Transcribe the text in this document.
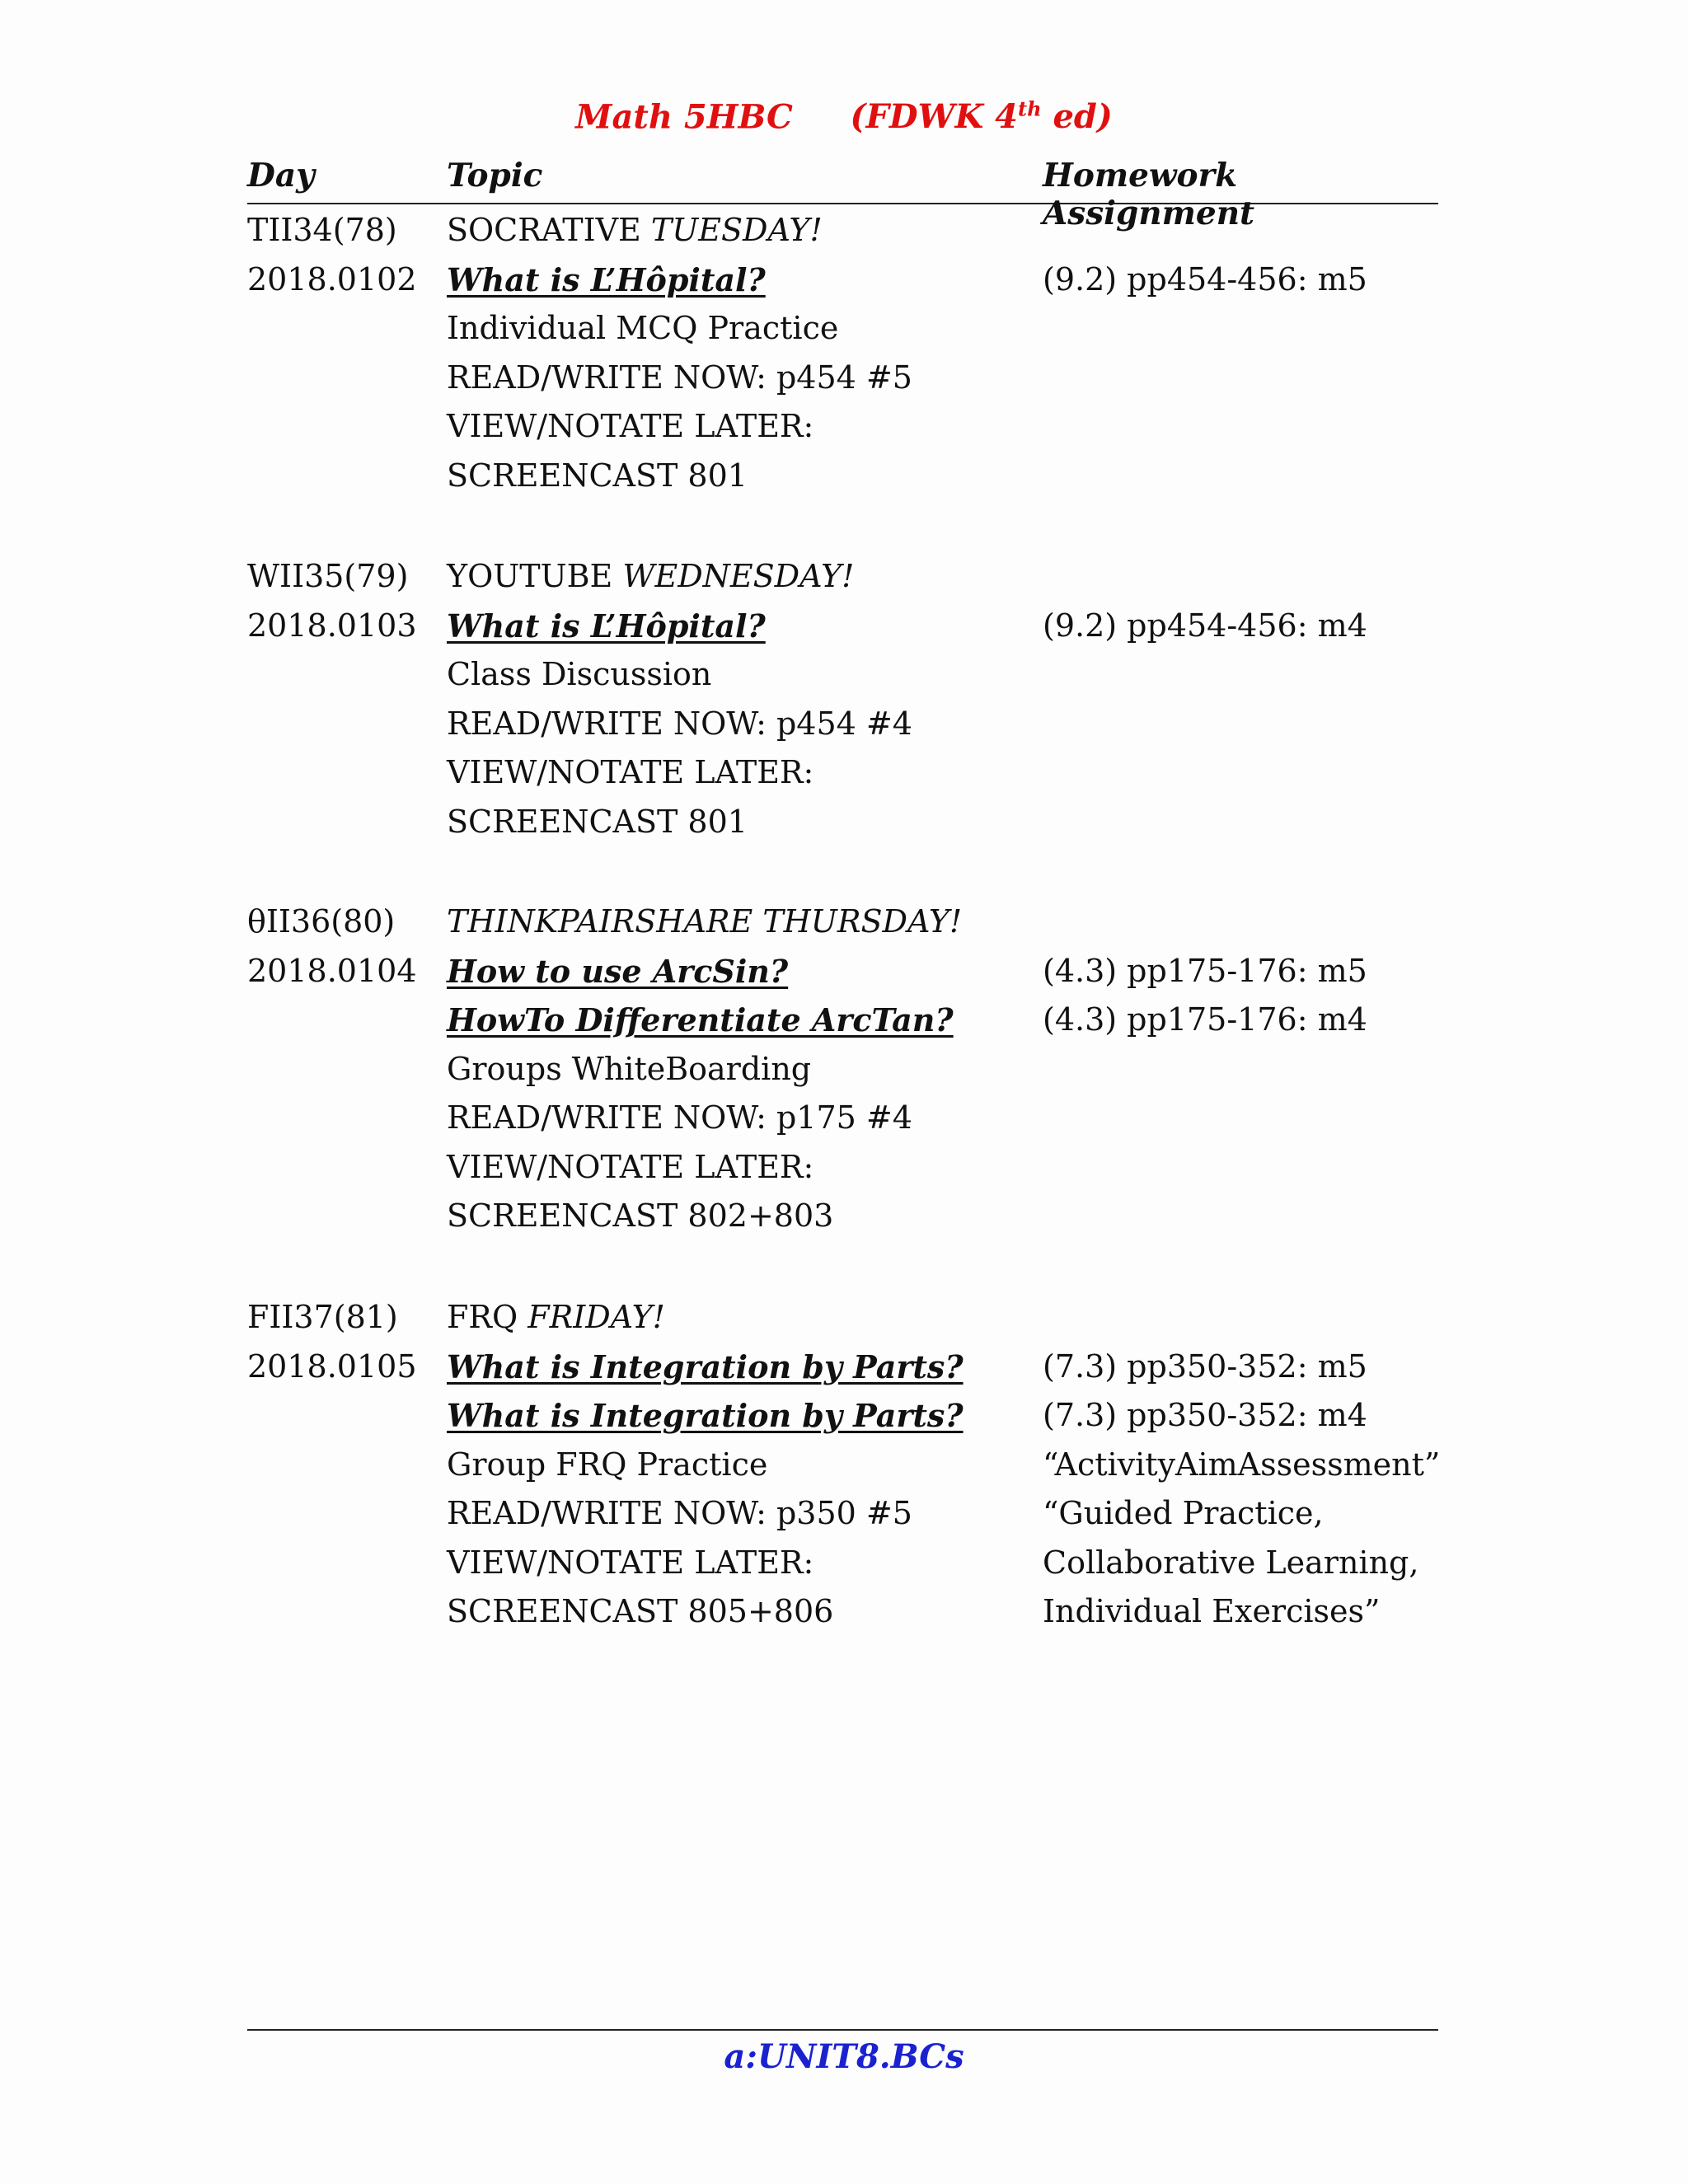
Math 5HBC (FDWK 4th ed)
Day	Topic	Homework Assignment
TII34(78) SOCRATIVE TUESDAY!
2018.0102 What is L’Hôpital?	(9.2) pp454-456: m5
Individual MCQ Practice
READ/WRITE NOW: p454 #5
VIEW/NOTATE LATER:
SCREENCAST 801
WII35(79) YOUTUBE WEDNESDAY!
2018.0103 What is L’Hôpital?	(9.2) pp454-456: m4
Class Discussion
READ/WRITE NOW: p454 #4
VIEW/NOTATE LATER:
SCREENCAST 801
θII36(80) THINKPAIRSHARE THURSDAY!
2018.0104 How to use ArcSin?	(4.3) pp175-176: m5
HowTo Differentiate ArcTan?	(4.3) pp175-176: m4
Groups WhiteBoarding
READ/WRITE NOW: p175 #4
VIEW/NOTATE LATER:
SCREENCAST 802+803
FII37(81) FRQ FRIDAY!
2018.0105 What is Integration by Parts?	(7.3) pp350-352: m5
What is Integration by Parts?	(7.3) pp350-352: m4
Group FRQ Practice	“ActivityAimAssessment”
READ/WRITE NOW: p350 #5	“Guided Practice,
VIEW/NOTATE LATER:	Collaborative Learning,
SCREENCAST 805+806	Individual Exercises”
a:UNIT8.BCs
